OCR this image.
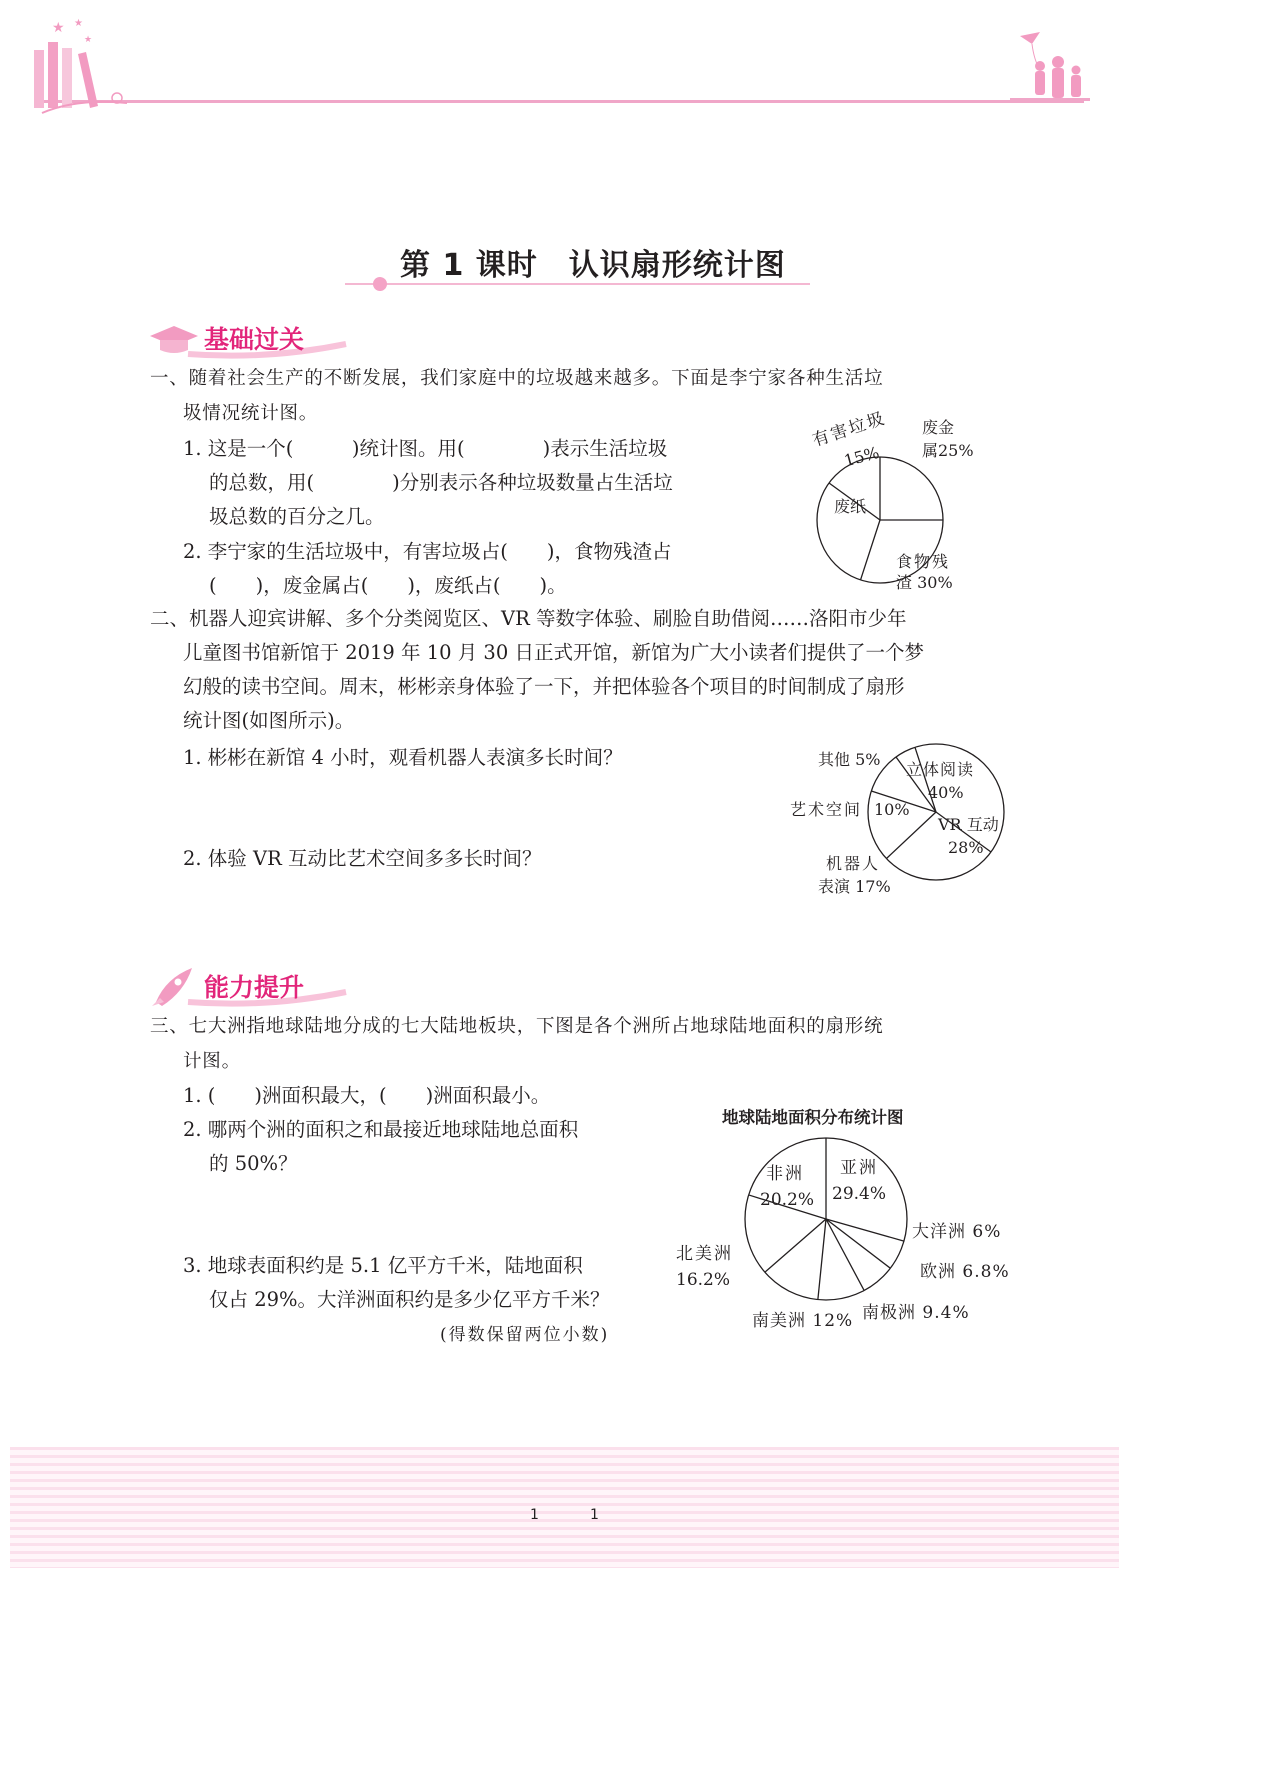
★ ★
★
第 1 课时　认识扇形统计图
基础过关
一、随着社会生产的不断发展，我们家庭中的垃圾越来越多。下面是李宁家各种生活垃
圾情况统计图。
1. 这是一个(　　　)统计图。用(　　　　)表示生活垃圾
的总数，用(　　　　)分别表示各种垃圾数量占生活垃
圾总数的百分之几。
2. 李宁家的生活垃圾中，有害垃圾占(　　)，食物残渣占
(　　)，废金属占(　　)，废纸占(　　)。
有害垃圾
15%
废金
属25%
废纸
食物残
渣 30%
二、机器人迎宾讲解、多个分类阅览区、VR 等数字体验、刷脸自助借阅……洛阳市少年
儿童图书馆新馆于 2019 年 10 月 30 日正式开馆，新馆为广大小读者们提供了一个梦
幻般的读书空间。周末，彬彬亲身体验了一下，并把体验各个项目的时间制成了扇形
统计图(如图所示)。
1. 彬彬在新馆 4 小时，观看机器人表演多长时间？
2. 体验 VR 互动比艺术空间多多长时间？
其他 5%
立体阅读
40%
艺术空间 10%
VR 互动
28%
机器人
表演 17%
能力提升
三、七大洲指地球陆地分成的七大陆地板块，下图是各个洲所占地球陆地面积的扇形统
计图。
1. (　　)洲面积最大，(　　)洲面积最小。
2. 哪两个洲的面积之和最接近地球陆地总面积
的 50%？
3. 地球表面积约是 5.1 亿平方千米，陆地面积
仅占 29%。大洋洲面积约是多少亿平方千米？
(得数保留两位小数)
地球陆地面积分布统计图
非洲
20.2%
亚洲
29.4%
大洋洲 6%
欧洲 6.8%
南极洲 9.4%
南美洲 12%
北美洲
16.2%
1	1
